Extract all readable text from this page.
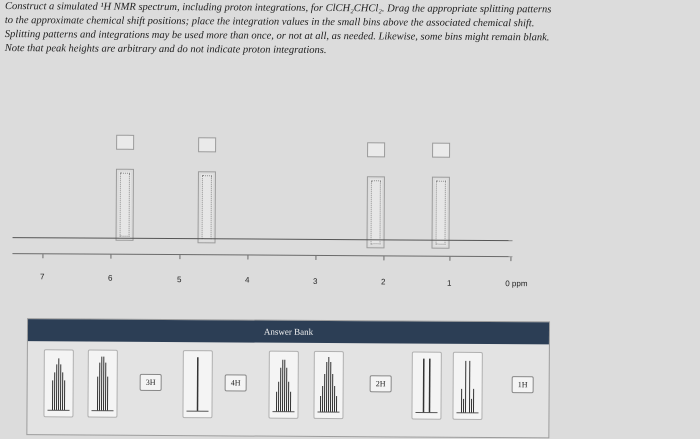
Construct a simulated ¹H NMR spectrum, including proton integrations, for ClCH₂CHCl₂. Drag the appropriate splitting patterns
to the approximate chemical shift positions; place the integration values in the small bins above the associated chemical shift.
Splitting patterns and integrations may be used more than once, or not at all, as needed. Likewise, some bins might remain blank.
Note that peak heights are arbitrary and do not indicate proton integrations.
7	6	5	4	3	2	1	0 ppm
Answer Bank
3H	4H	2H	1H
